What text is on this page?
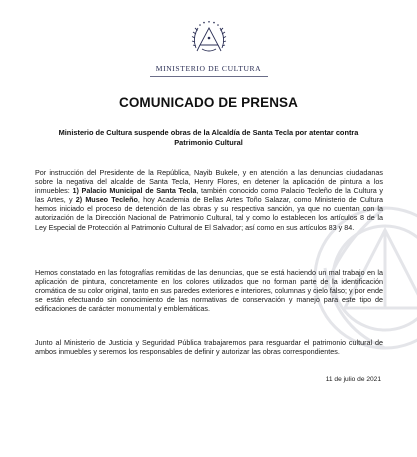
MINISTERIO DE CULTURA
COMUNICADO DE PRENSA
Ministerio de Cultura suspende obras de la Alcaldía de Santa Tecla por atentar contra Patrimonio Cultural
Por instrucción del Presidente de la República, Nayib Bukele, y en atención a las denuncias ciudadanas sobre la negativa del alcalde de Santa Tecla, Henry Flores, en detener la aplicación de pintura a los inmuebles: 1) Palacio Municipal de Santa Tecla, también conocido como Palacio Tecleño de la Cultura y las Artes, y 2) Museo Tecleño, hoy Academia de Bellas Artes Toño Salazar, como Ministerio de Cultura hemos iniciado el proceso de detención de las obras y su respectiva sanción, ya que no cuentan con la autorización de la Dirección Nacional de Patrimonio Cultural, tal y como lo establecen los artículos 8 de la Ley Especial de Protección al Patrimonio Cultural de El Salvador; así como en sus artículos 83 y 84.
Hemos constatado en las fotografías remitidas de las denuncias, que se está haciendo un mal trabajo en la aplicación de pintura, concretamente en los colores utilizados que no forman parte de la identificación cromática de su color original, tanto en sus paredes exteriores e interiores, columnas y cielo falso; y por ende se están efectuando sin conocimiento de las normativas de conservación y manejo para este tipo de edificaciones de carácter monumental y emblemáticas.
Junto al Ministerio de Justicia y Seguridad Pública trabajaremos para resguardar el patrimonio cultural de ambos inmuebles y seremos los responsables de definir y autorizar las obras correspondientes.
11 de julio de 2021
